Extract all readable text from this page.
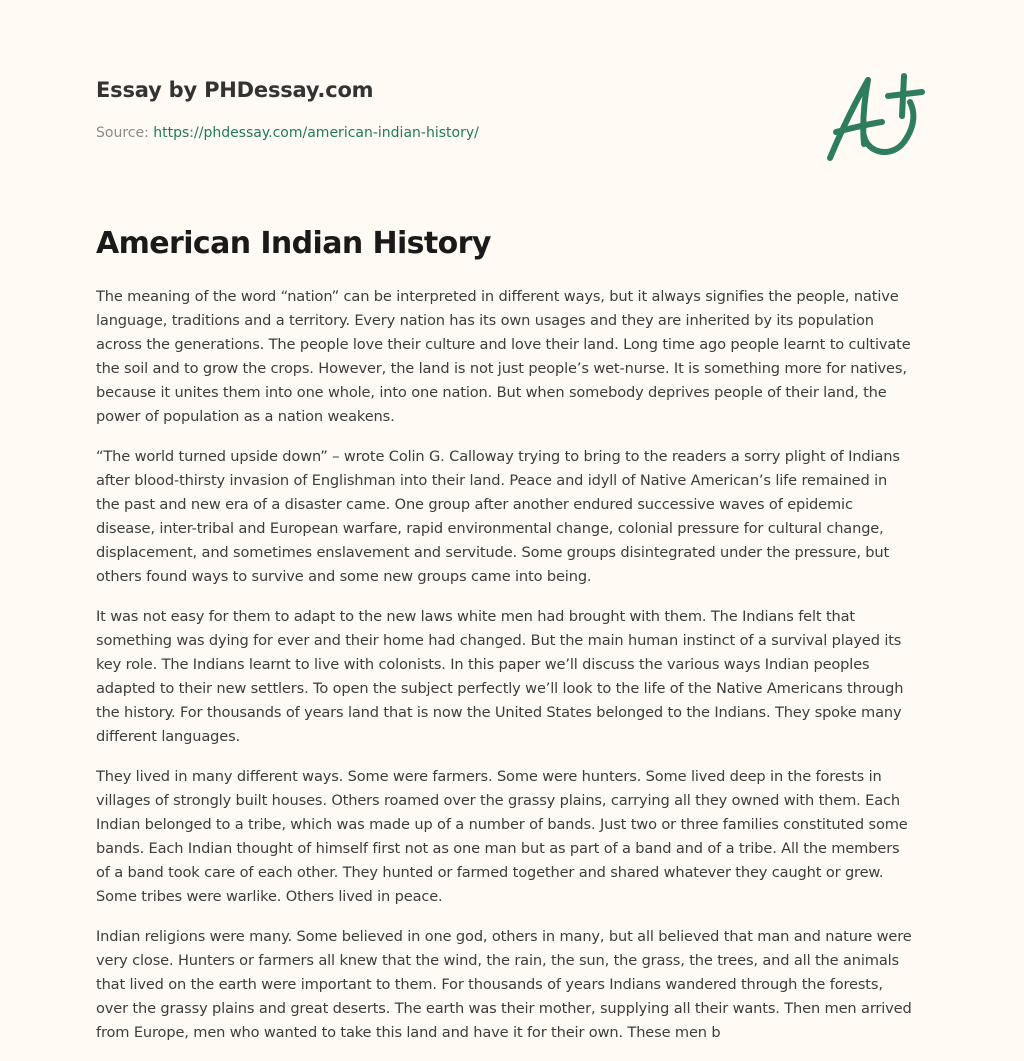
Essay by PHDessay.com
Source: https://phdessay.com/american-indian-history/
American Indian History

The meaning of the word “nation” can be interpreted in different ways, but it always signifies the people, native
language, traditions and a territory. Every nation has its own usages and they are inherited by its population
across the generations. The people love their culture and love their land. Long time ago people learnt to cultivate
the soil and to grow the crops. However, the land is not just people’s wet-nurse. It is something more for natives,
because it unites them into one whole, into one nation. But when somebody deprives people of their land, the
power of population as a nation weakens.

“The world turned upside down” – wrote Colin G. Calloway trying to bring to the readers a sorry plight of Indians
after blood-thirsty invasion of Englishman into their land. Peace and idyll of Native American’s life remained in
the past and new era of a disaster came. One group after another endured successive waves of epidemic
disease, inter-tribal and European warfare, rapid environmental change, colonial pressure for cultural change,
displacement, and sometimes enslavement and servitude. Some groups disintegrated under the pressure, but
others found ways to survive and some new groups came into being.

It was not easy for them to adapt to the new laws white men had brought with them. The Indians felt that
something was dying for ever and their home had changed. But the main human instinct of a survival played its
key role. The Indians learnt to live with colonists. In this paper we’ll discuss the various ways Indian peoples
adapted to their new settlers. To open the subject perfectly we’ll look to the life of the Native Americans through
the history. For thousands of years land that is now the United States belonged to the Indians. They spoke many
different languages.

They lived in many different ways. Some were farmers. Some were hunters. Some lived deep in the forests in
villages of strongly built houses. Others roamed over the grassy plains, carrying all they owned with them. Each
Indian belonged to a tribe, which was made up of a number of bands. Just two or three families constituted some
bands. Each Indian thought of himself first not as one man but as part of a band and of a tribe. All the members
of a band took care of each other. They hunted or farmed together and shared whatever they caught or grew.
Some tribes were warlike. Others lived in peace.

Indian religions were many. Some believed in one god, others in many, but all believed that man and nature were
very close. Hunters or farmers all knew that the wind, the rain, the sun, the grass, the trees, and all the animals
that lived on the earth were important to them. For thousands of years Indians wandered through the forests,
over the grassy plains and great deserts. The earth was their mother, supplying all their wants. Then men arrived
from Europe, men who wanted to take this land and have it for their own. These men b
